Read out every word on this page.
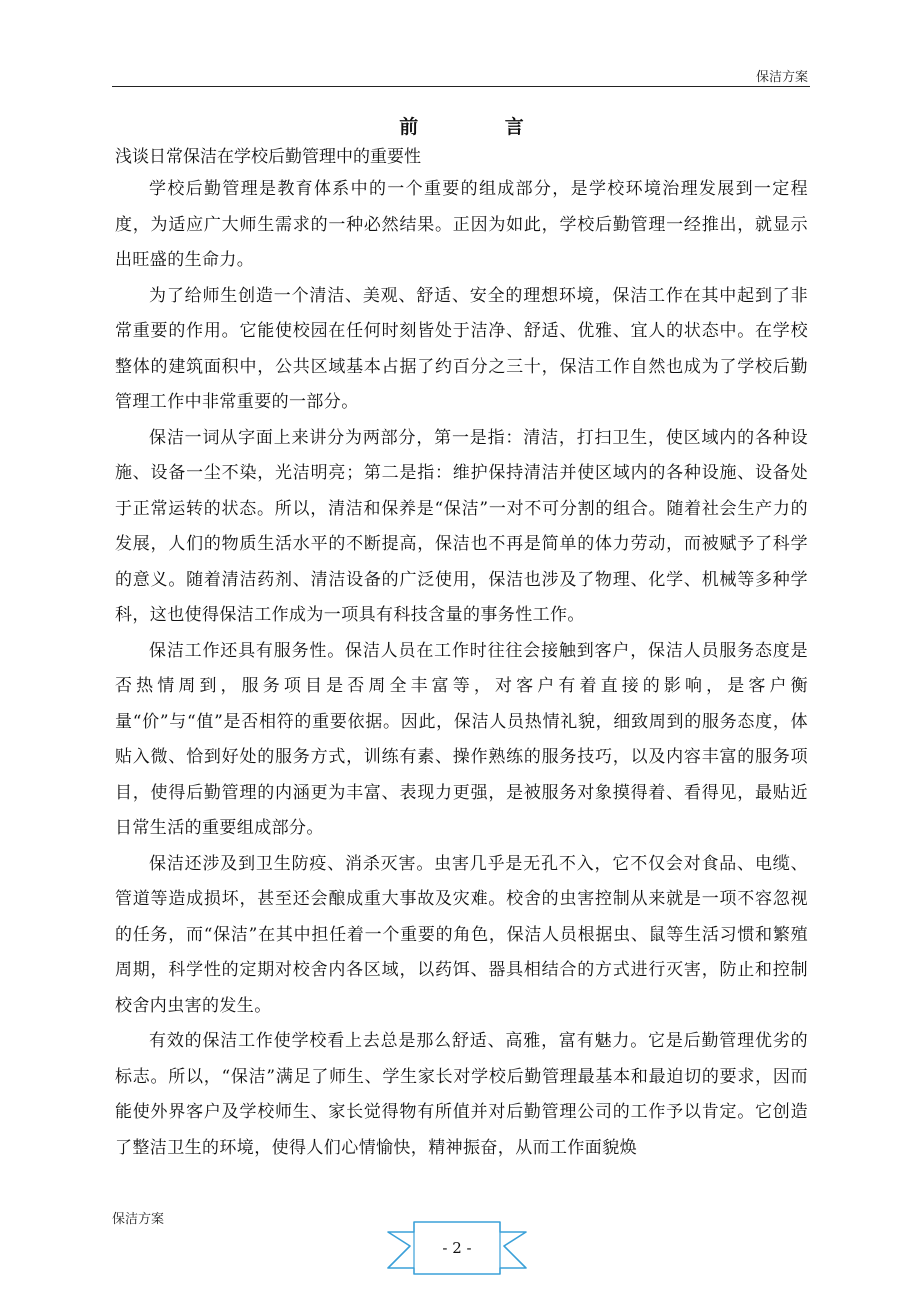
保洁方案
前 言
浅谈日常保洁在学校后勤管理中的重要性

学校后勤管理是教育体系中的一个重要的组成部分，是学校环境治理发展到一定程度，为适应广大师生需求的一种必然结果。正因为如此，学校后勤管理一经推出，就显示出旺盛的生命力。

为了给师生创造一个清洁、美观、舒适、安全的理想环境，保洁工作在其中起到了非常重要的作用。它能使校园在任何时刻皆处于洁净、舒适、优雅、宜人的状态中。在学校整体的建筑面积中，公共区域基本占据了约百分之三十，保洁工作自然也成为了学校后勤管理工作中非常重要的一部分。

保洁一词从字面上来讲分为两部分，第一是指：清洁，打扫卫生，使区域内的各种设施、设备一尘不染，光洁明亮；第二是指：维护保持清洁并使区域内的各种设施、设备处于正常运转的状态。所以，清洁和保养是“保洁”一对不可分割的组合。随着社会生产力的发展，人们的物质生活水平的不断提高，保洁也不再是简单的体力劳动，而被赋予了科学的意义。随着清洁药剂、清洁设备的广泛使用，保洁也涉及了物理、化学、机械等多种学科，这也使得保洁工作成为一项具有科技含量的事务性工作。

保洁工作还具有服务性。保洁人员在工作时往往会接触到客户，保洁人员服务态度是否热情周到，服务项目是否周全丰富等，对客户有着直接的影响，是客户衡量“价”与“值”是否相符的重要依据。因此，保洁人员热情礼貌，细致周到的服务态度，体贴入微、恰到好处的服务方式，训练有素、操作熟练的服务技巧，以及内容丰富的服务项目，使得后勤管理的内涵更为丰富、表现力更强，是被服务对象摸得着、看得见，最贴近日常生活的重要组成部分。

保洁还涉及到卫生防疫、消杀灭害。虫害几乎是无孔不入，它不仅会对食品、电缆、管道等造成损坏，甚至还会酿成重大事故及灾难。校舍的虫害控制从来就是一项不容忽视的任务，而“保洁”在其中担任着一个重要的角色，保洁人员根据虫、鼠等生活习惯和繁殖周期，科学性的定期对校舍内各区域，以药饵、器具相结合的方式进行灭害，防止和控制校舍内虫害的发生。

有效的保洁工作使学校看上去总是那么舒适、高雅，富有魅力。它是后勤管理优劣的标志。所以，“保洁”满足了师生、学生家长对学校后勤管理最基本和最迫切的要求，因而能使外界客户及学校师生、家长觉得物有所值并对后勤管理公司的工作予以肯定。它创造了整洁卫生的环境，使得人们心情愉快，精神振奋，从而工作面貌焕

保洁方案
- 2 -
